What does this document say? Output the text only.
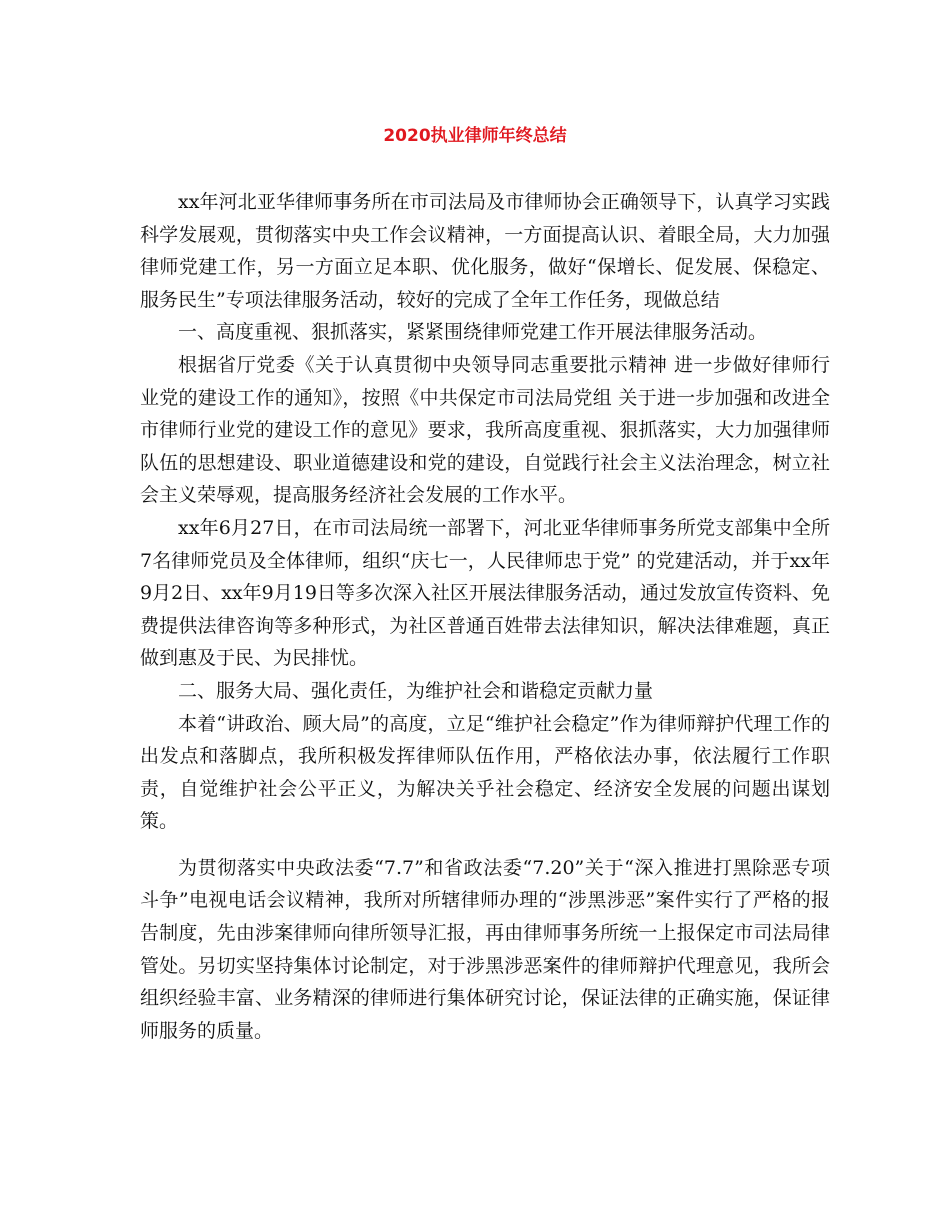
2020执业律师年终总结

xx年河北亚华律师事务所在市司法局及市律师协会正确领导下，认真学习实践科学发展观，贯彻落实中央工作会议精神，一方面提高认识、着眼全局，大力加强律师党建工作，另一方面立足本职、优化服务，做好“保增长、促发展、保稳定、服务民生”专项法律服务活动，较好的完成了全年工作任务，现做总结

一、高度重视、狠抓落实，紧紧围绕律师党建工作开展法律服务活动。

根据省厅党委《关于认真贯彻中央领导同志重要批示精神 进一步做好律师行业党的建设工作的通知》，按照《中共保定市司法局党组 关于进一步加强和改进全市律师行业党的建设工作的意见》要求，我所高度重视、狠抓落实，大力加强律师队伍的思想建设、职业道德建设和党的建设，自觉践行社会主义法治理念，树立社会主义荣辱观，提高服务经济社会发展的工作水平。

xx年6月27日，在市司法局统一部署下，河北亚华律师事务所党支部集中全所7名律师党员及全体律师，组织“庆七一，人民律师忠于党” 的党建活动，并于xx年9月2日、xx年9月19日等多次深入社区开展法律服务活动，通过发放宣传资料、免费提供法律咨询等多种形式，为社区普通百姓带去法律知识，解决法律难题，真正做到惠及于民、为民排忧。

二、服务大局、强化责任，为维护社会和谐稳定贡献力量

本着“讲政治、顾大局”的高度，立足“维护社会稳定”作为律师辩护代理工作的出发点和落脚点，我所积极发挥律师队伍作用，严格依法办事，依法履行工作职责，自觉维护社会公平正义，为解决关乎社会稳定、经济安全发展的问题出谋划策。

为贯彻落实中央政法委“7.7”和省政法委“7.20”关于“深入推进打黑除恶专项斗争”电视电话会议精神，我所对所辖律师办理的“涉黑涉恶”案件实行了严格的报告制度，先由涉案律师向律所领导汇报，再由律师事务所统一上报保定市司法局律管处。另切实坚持集体讨论制定，对于涉黑涉恶案件的律师辩护代理意见，我所会组织经验丰富、业务精深的律师进行集体研究讨论，保证法律的正确实施，保证律师服务的质量。
